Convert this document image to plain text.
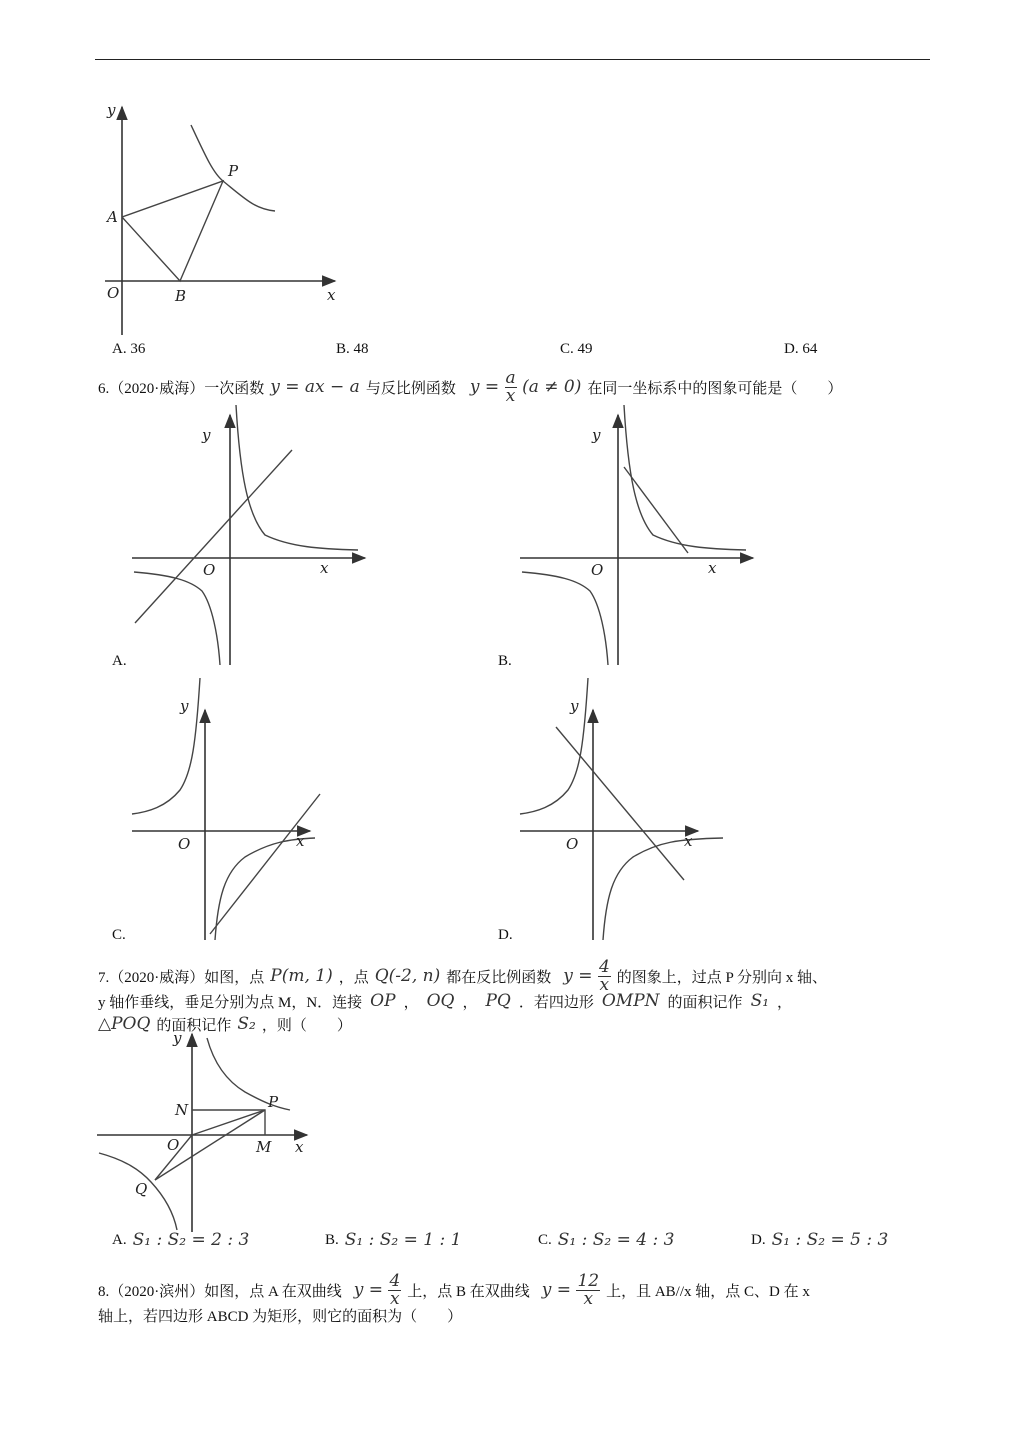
y
x
O
A
B
P
A. 36	B. 48	C. 49	D. 64
6.（2020·威海）一次函数 y = ax − a 与反比例函数 $y = \frac{a}{x} (a \ne 0)$ 在同一坐标系中的图象可能是（　　）
y
x
O
A.
y
x
O
B.
y
x
O
C.
y
x
O
D.
7.（2020·威海）如图，点 P(m, 1) ，点 Q(-2, n) 都在反比例函数 $y = \frac{4}{x}$ 的图象上，过点 P 分别向 x 轴、
y 轴作垂线，垂足分别为点 M，N．连接 OP ， OQ ， PQ ．若四边形 OMPN 的面积记作 S₁ ，
△POQ 的面积记作 S₂ ，则（　　）
y
x
O
N	P
M
Q
A. S₁ : S₂ = 2 : 3	B. S₁ : S₂ = 1 : 1	C. S₁ : S₂ = 4 : 3	D. S₁ : S₂ = 5 : 3
8.（2020·滨州）如图，点 A 在双曲线 $y = \frac{4}{x}$ 上，点 B 在双曲线 $y = \frac{12}{x}$ 上，且 AB//x 轴，点 C、D 在 x
轴上，若四边形 ABCD 为矩形，则它的面积为（　　）
